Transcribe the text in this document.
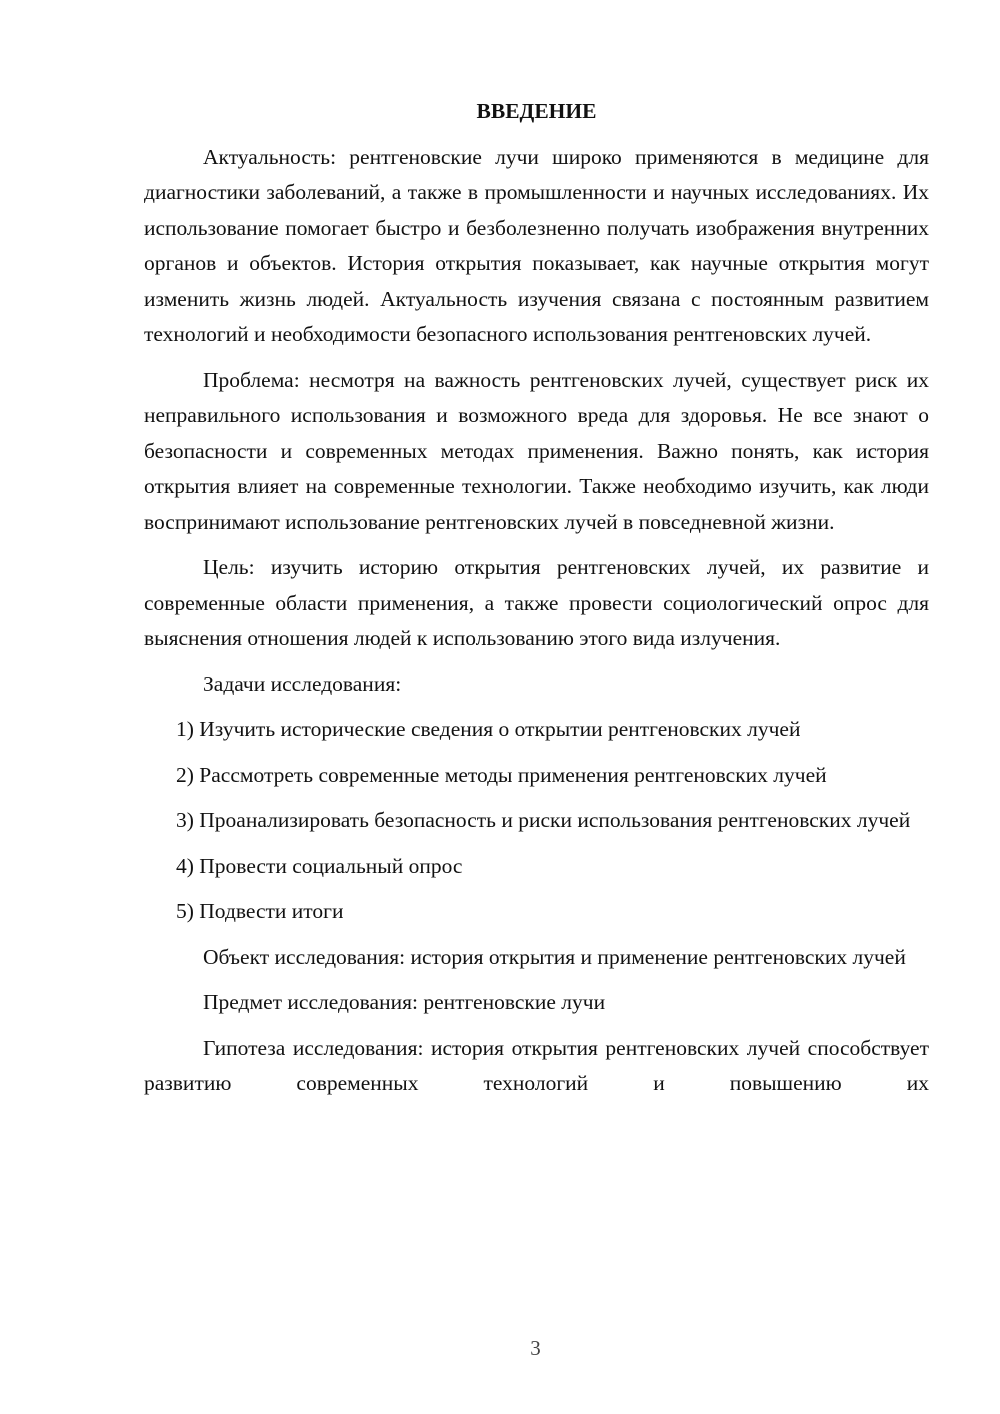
ВВЕДЕНИЕ

Актуальность: рентгеновские лучи широко применяются в медицине для диагностики заболеваний, а также в промышленности и научных исследованиях. Их использование помогает быстро и безболезненно получать изображения внутренних органов и объектов. История открытия показывает, как научные открытия могут изменить жизнь людей. Актуальность изучения связана с постоянным развитием технологий и необходимости безопасного использования рентгеновских лучей.

Проблема: несмотря на важность рентгеновских лучей, существует риск их неправильного использования и возможного вреда для здоровья. Не все знают о безопасности и современных методах применения. Важно понять, как история открытия влияет на современные технологии. Также необходимо изучить, как люди воспринимают использование рентгеновских лучей в повседневной жизни.

Цель: изучить историю открытия рентгеновских лучей, их развитие и современные области применения, а также провести социологический опрос для выяснения отношения людей к использованию этого вида излучения.

Задачи исследования:

1) Изучить исторические сведения о открытии рентгеновских лучей

2) Рассмотреть современные методы применения рентгеновских лучей

3) Проанализировать безопасность и риски использования рентгеновских лучей

4) Провести социальный опрос

5) Подвести итоги

Объект исследования: история открытия и применение рентгеновских лучей

Предмет исследования: рентгеновские лучи

Гипотеза исследования: история открытия рентгеновских лучей способствует развитию современных технологий и повышению их

3
